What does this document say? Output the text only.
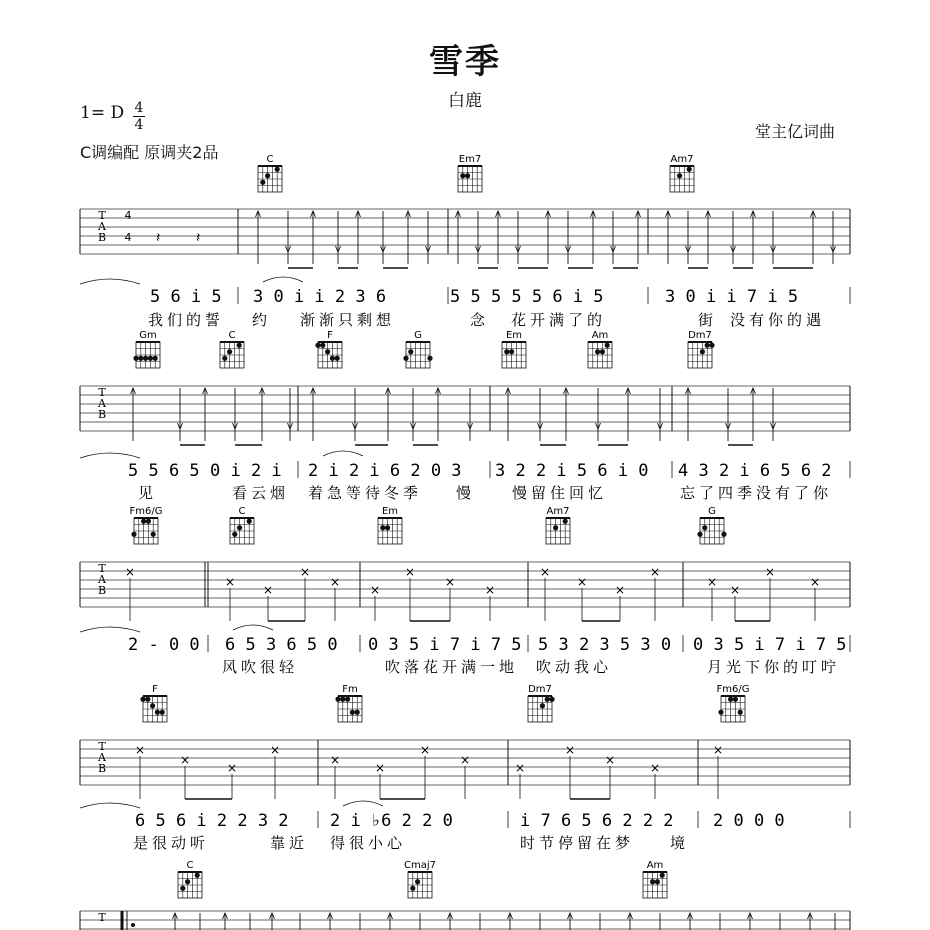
雪季
白鹿
1= D 4
4
C调编配 原调夹2品
堂主亿词曲
T
A
B
C	Em7	Am7
4
4 𝄽	𝄽
5 6 i 5 3 0 i i 2 3 6	5 5 5 5 5 6 i 5	3 0 i i 7 i 5
我们的誓 约 渐渐只剩想	念 花开满了的	街 没有你的遇
T
A
B
Gm	C	F	G	Em	Am	Dm7
5 5 6 5 0 i 2 i 2 i 2 i 6 2 0 3 3 2 2 i 5 6 i 0 4 3 2 i 6 5 6 2
见	看云烟 着急等待冬季 慢 慢留住回忆	忘了四季没有了你
T
A
B
Fm6/G	C	Em	Am7	G
×
×
×
×
×
×
×
×
×
×
×
×
×
×
×
×
×
2 - 0 0 6 5 3 6 5 0 0 3 5 i 7 i 7 5 5 3 2 3 5 3 0 0 3 5 i 7 i 7 5
风吹很轻	吹落花开满一地 吹动我心	月光下你的叮咛
T
A
B
F	Fm	Dm7	Fm6/G
×
×
×
×
×
×
×
×
×
×
×
×
×
6 5 6 i 2 2 3 2 2 i ♭6 2 2 0	i 7 6 5 6 2 2 2 2 0 0 0
是很动听	靠近 得很小心	时节停留在梦 境
T
C	Cmaj7	Am
